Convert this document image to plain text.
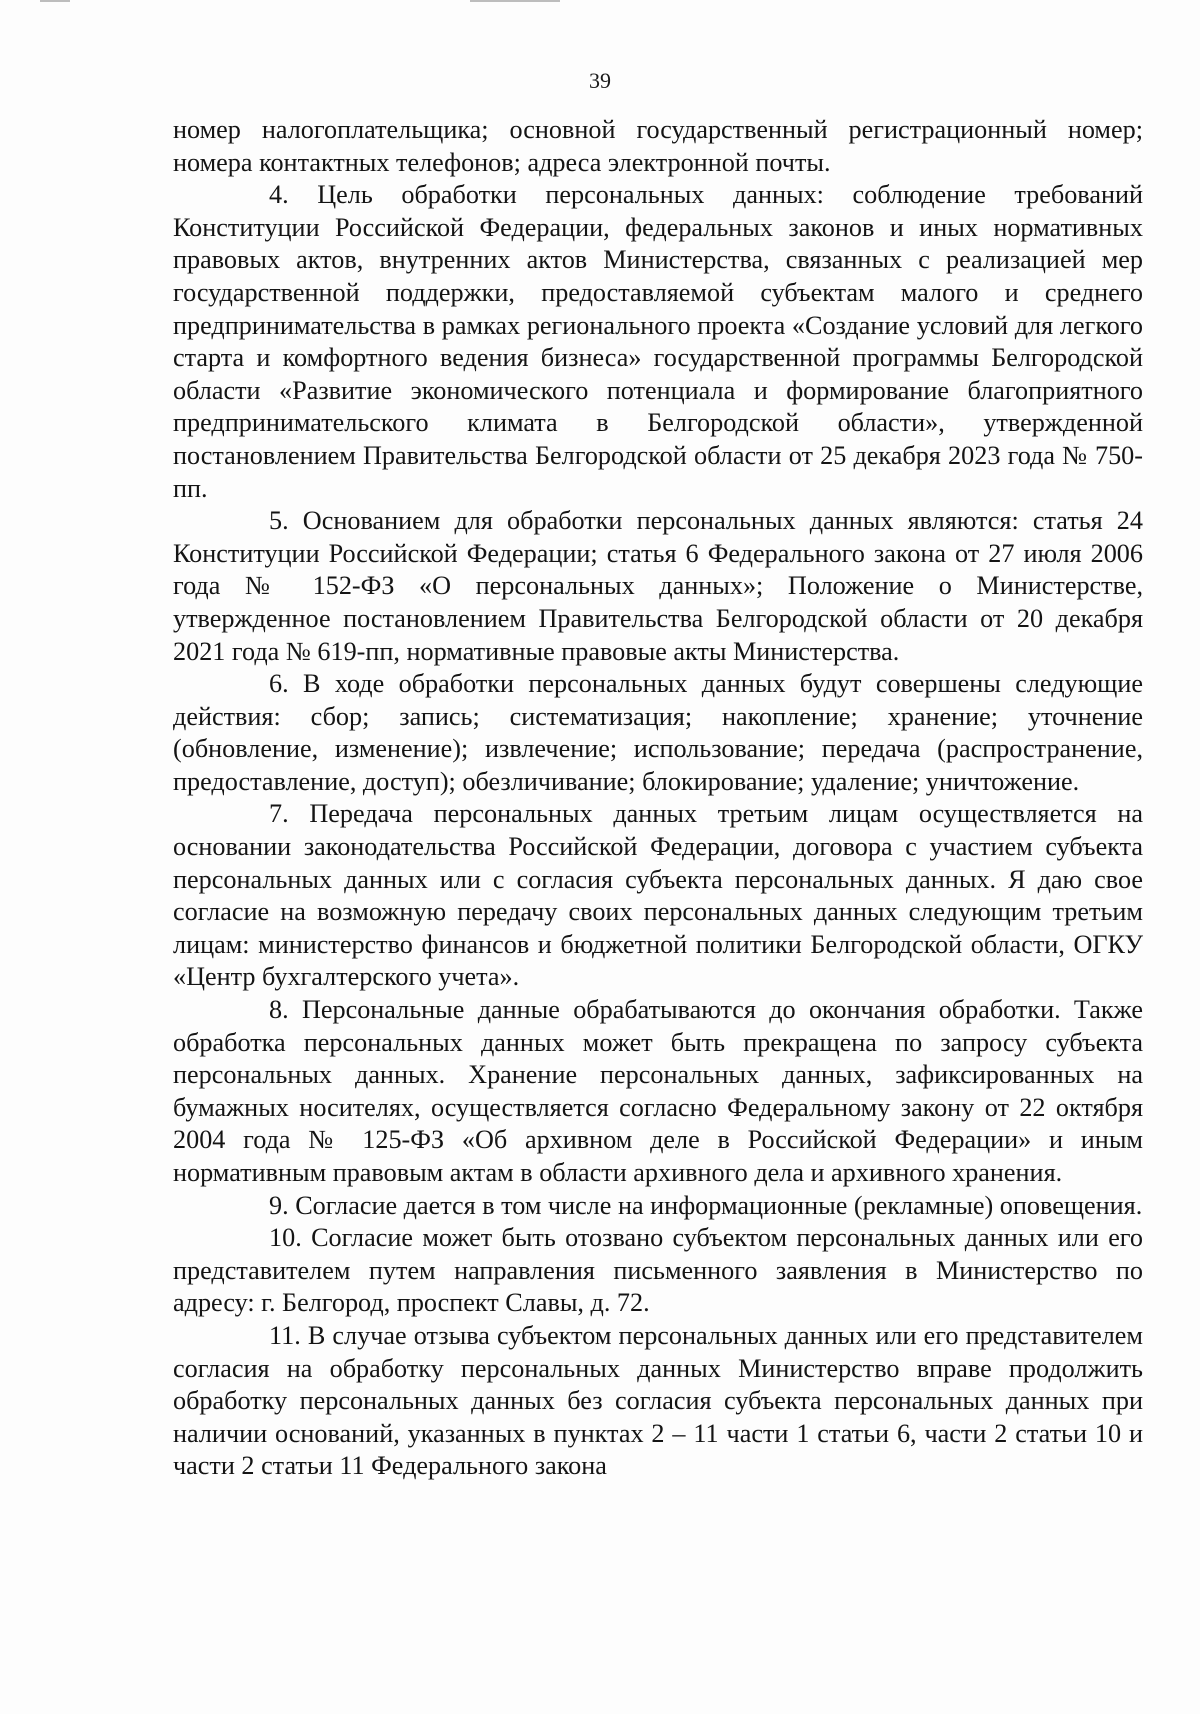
39

номер налогоплательщика; основной государственный регистрационный номер; номера контактных телефонов; адреса электронной почты.

4. Цель обработки персональных данных: соблюдение требований Конституции Российской Федерации, федеральных законов и иных нормативных правовых актов, внутренних актов Министерства, связанных с реализацией мер государственной поддержки, предоставляемой субъектам малого и среднего предпринимательства в рамках регионального проекта «Создание условий для легкого старта и комфортного ведения бизнеса» государственной программы Белгородской области «Развитие экономического потенциала и формирование благоприятного предпринимательского климата в Белгородской области», утвержденной постановлением Правительства Белгородской области от 25 декабря 2023 года № 750-пп.

5. Основанием для обработки персональных данных являются: статья 24 Конституции Российской Федерации; статья 6 Федерального закона от 27 июля 2006 года № 152-ФЗ «О персональных данных»; Положение о Министерстве, утвержденное постановлением Правительства Белгородской области от 20 декабря 2021 года № 619-пп, нормативные правовые акты Министерства.

6. В ходе обработки персональных данных будут совершены следующие действия: сбор; запись; систематизация; накопление; хранение; уточнение (обновление, изменение); извлечение; использование; передача (распространение, предоставление, доступ); обезличивание; блокирование; удаление; уничтожение.

7. Передача персональных данных третьим лицам осуществляется на основании законодательства Российской Федерации, договора с участием субъекта персональных данных или с согласия субъекта персональных данных. Я даю свое согласие на возможную передачу своих персональных данных следующим третьим лицам: министерство финансов и бюджетной политики Белгородской области, ОГКУ «Центр бухгалтерского учета».

8. Персональные данные обрабатываются до окончания обработки. Также обработка персональных данных может быть прекращена по запросу субъекта персональных данных. Хранение персональных данных, зафиксированных на бумажных носителях, осуществляется согласно Федеральному закону от 22 октября 2004 года № 125-ФЗ «Об архивном деле в Российской Федерации» и иным нормативным правовым актам в области архивного дела и архивного хранения.

9. Согласие дается в том числе на информационные (рекламные) оповещения.

10. Согласие может быть отозвано субъектом персональных данных или его представителем путем направления письменного заявления в Министерство по адресу: г. Белгород, проспект Славы, д. 72.

11. В случае отзыва субъектом персональных данных или его представителем согласия на обработку персональных данных Министерство вправе продолжить обработку персональных данных без согласия субъекта персональных данных при наличии оснований, указанных в пунктах 2 – 11 части 1 статьи 6, части 2 статьи 10 и части 2 статьи 11 Федерального закона
